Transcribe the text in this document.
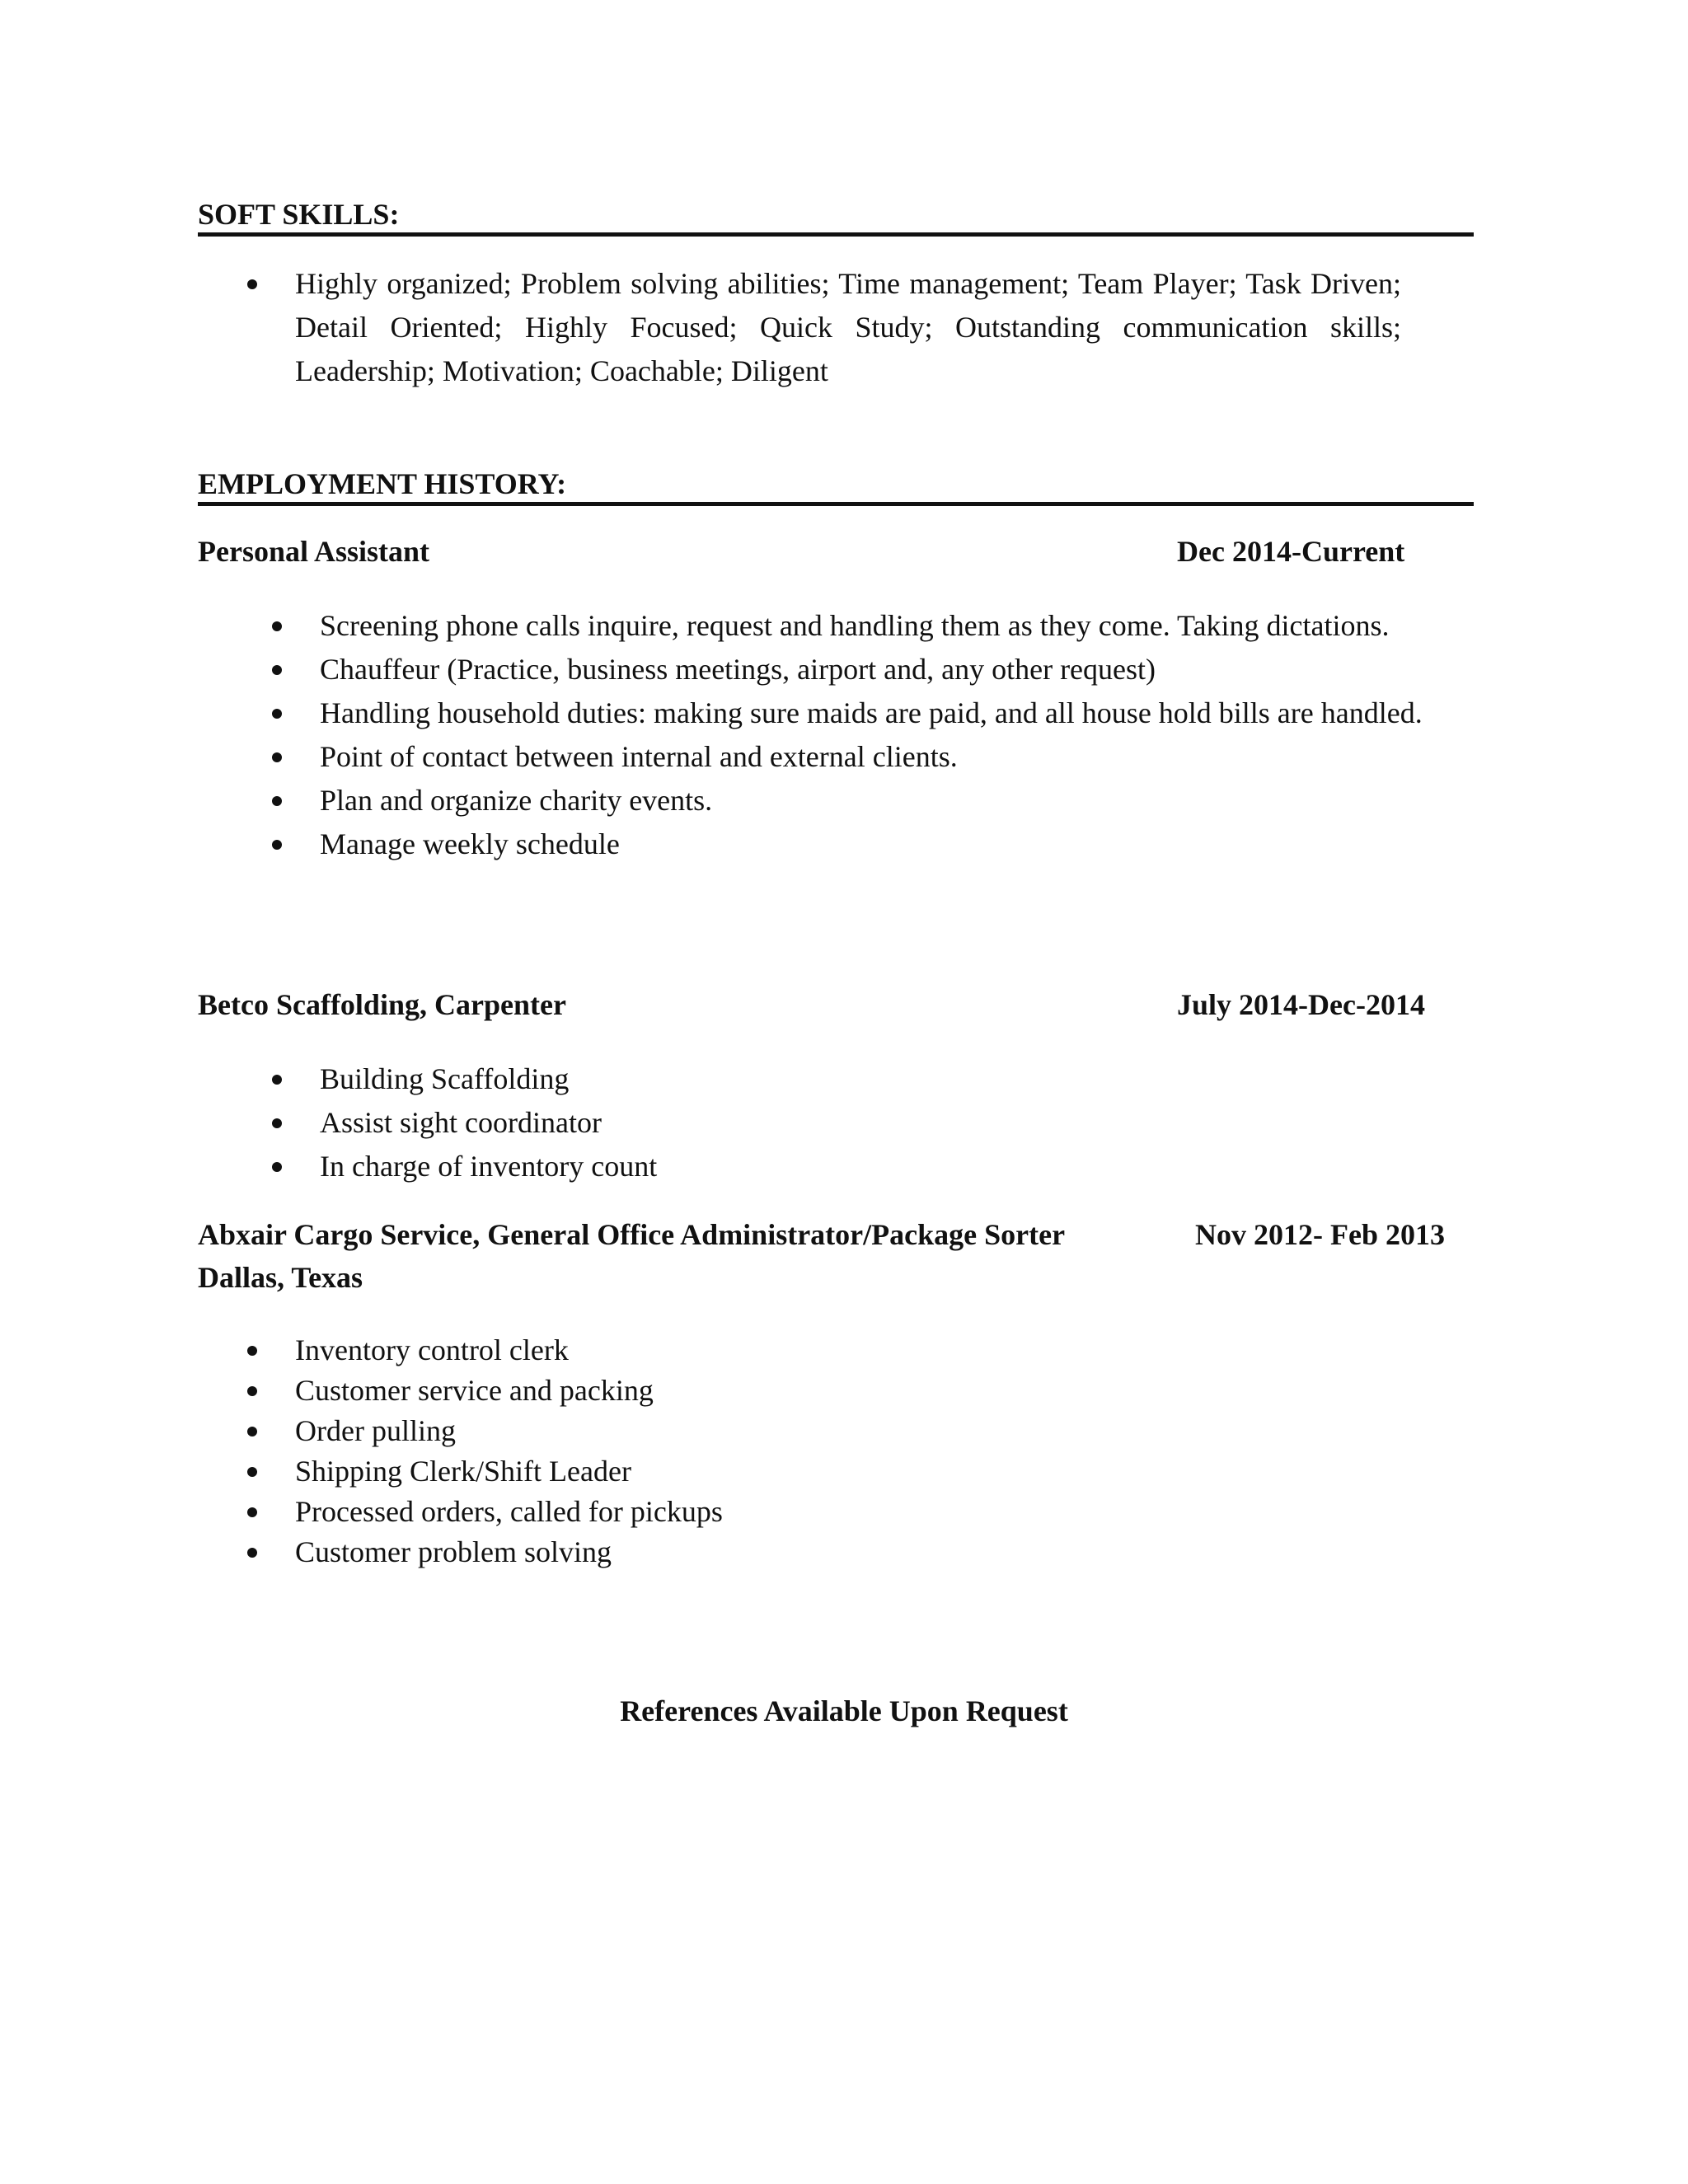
SOFT SKILLS:
Highly organized; Problem solving abilities; Time management; Team Player; Task Driven; Detail Oriented; Highly Focused; Quick Study; Outstanding communication skills; Leadership; Motivation; Coachable; Diligent
EMPLOYMENT HISTORY:
Personal Assistant	Dec 2014-Current
Screening phone calls inquire, request and handling them as they come. Taking dictations.
Chauffeur (Practice, business meetings, airport and, any other request)
Handling household duties: making sure maids are paid, and all house hold bills are handled.
Point of contact between internal and external clients.
Plan and organize charity events.
Manage weekly schedule
Betco Scaffolding, Carpenter	July 2014-Dec-2014
Building Scaffolding
Assist sight coordinator
In charge of inventory count
Abxair Cargo Service, General Office Administrator/Package Sorter
Dallas, Texas
Nov 2012- Feb 2013
Inventory control clerk
Customer service and packing
Order pulling
Shipping Clerk/Shift Leader
Processed orders, called for pickups
Customer problem solving
References Available Upon Request
